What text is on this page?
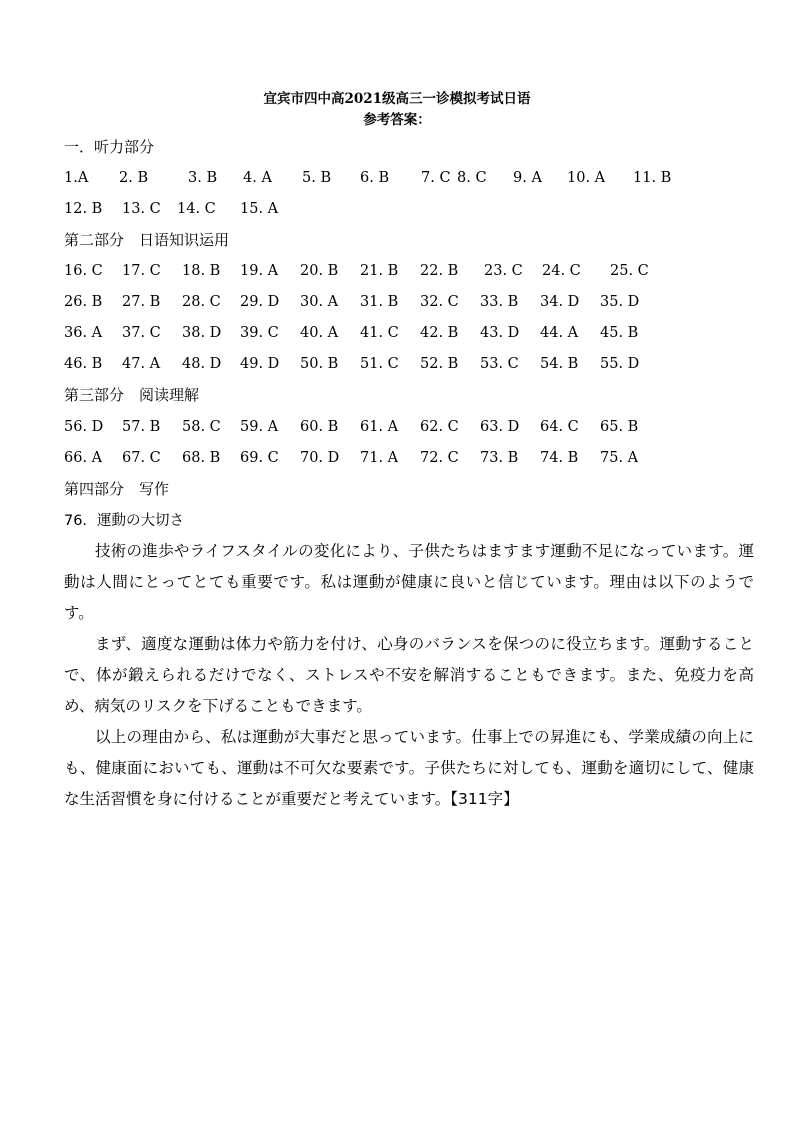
宜宾市四中高2021级高三一诊模拟考试日语
参考答案：
一．听力部分
1.A 2. B	3. B 4. A 5. B 6. B 7. C 8. C 9. A 10. A 11. B
12. B 13. C 14. C 15. A
第二部分　日语知识运用
16. C 17. C 18. B 19. A 20. B 21. B 22. B 23. C 24. C 25. C
26. B 27. B 28. C 29. D 30. A 31. B 32. C 33. B 34. D 35. D
36. A 37. C 38. D 39. C 40. A 41. C 42. B 43. D 44. A 45. B
46. B 47. A 48. D 49. D 50. B 51. C 52. B 53. C 54. B 55. D
第三部分　阅读理解
56. D 57. B 58. C 59. A 60. B 61. A 62. C 63. D 64. C 65. B
66. A 67. C 68. B 69. C 70. D 71. A 72. C 73. B 74. B 75. A
第四部分　写作
76．運動の大切さ

技術の進歩やライフスタイルの変化により、子供たちはますます運動不足になっています。運動は人間にとってとても重要です。私は運動が健康に良いと信じています。理由は以下のようです。

まず、適度な運動は体力や筋力を付け、心身のバランスを保つのに役立ちます。運動することで、体が鍛えられるだけでなく、ストレスや不安を解消することもできます。また、免疫力を高め、病気のリスクを下げることもできます。

以上の理由から、私は運動が大事だと思っています。仕事上での昇進にも、学業成績の向上にも、健康面においても、運動は不可欠な要素です。子供たちに対しても、運動を適切にして、健康な生活習慣を身に付けることが重要だと考えています。【311字】
